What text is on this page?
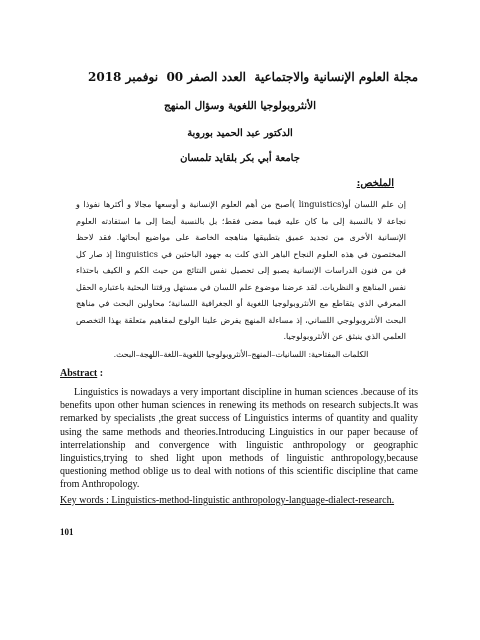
مجلة العلوم الإنسانية والاجتماعية
العدد الصفر 00
نوفمبر 2018
الأنثروبولوجيا اللغوية وسؤال المنهج
الدكتور عبد الحميد بوروبة
جامعة أبي بكر بلقايد تلمسان
الملخص:

إن علم اللسان أو(linguistics )أصبح من أهم العلوم الإنسانية و أوسعها مجالا و أكثرها نفوذا و نجاعة لا بالنسبة إلى ما كان عليه فيما مضى فقط؛ بل بالنسبة أيضا إلى ما استفادته العلوم الإنسانية الأخرى من تجديد عميق بتطبيقها مناهجه الخاصة على مواضيع أبحاثها. فقد لاحظ المختصون في هذه العلوم النجاح الباهر الذي كلت به جهود الباحثين في linguistics إذ صار كل فن من فنون الدراسات الإنسانية يصبو إلى تحصيل نفس النتائج من حيث الكم و الكيف باحتذاء نفس المناهج و النظريات. لقد عرضنا موضوع علم اللسان في مستهل ورقتنا البحثية باعتباره الحقل المعرفي الذي يتقاطع مع الأنثروبولوجيا اللغوية أو الجغرافية اللسانية؛ محاولين البحث في مناهج البحث الأنثروبولوجي اللساني، إذ مساءلة المنهج يفرض علينا الولوج لمفاهيم متعلقة بهذا التخصص العلمي الذي ينبثق عن الأنثروبولوجيا.

الكلمات المفتاحية: اللسانيات–المنهج–الأنثروبولوجيا اللغوية–اللغة–اللهجة–البحث.
Abstract :

Linguistics is nowadays a very important discipline in human sciences .because of its benefits upon other human sciences in renewing its methods on research subjects.It was remarked by specialists ,the great success of Linguistics interms of quantity and quality using the same methods and theories.Introducing Linguistics in our paper because of interrelationship and convergence with linguistic anthropology or geographic linguistics,trying to shed light upon methods of linguistic anthropology,because questioning method oblige us to deal with notions of this scientific discipline that came from Anthropology.

Key words : Linguistics-method-linguistic anthropology-language-dialect-research.
101
